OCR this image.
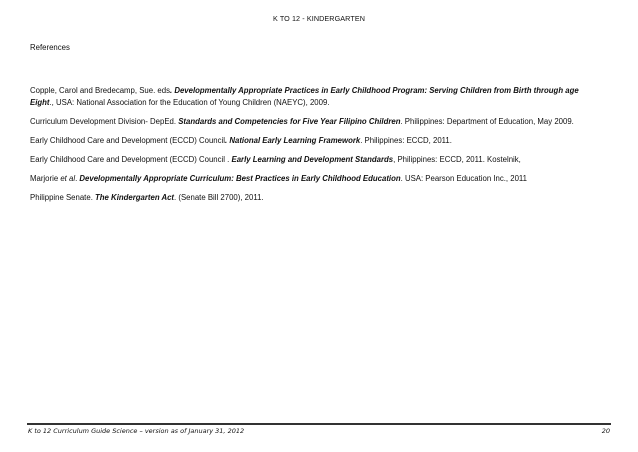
K TO 12 - KINDERGARTEN
References

Copple, Carol and Bredecamp, Sue. eds. Developmentally Appropriate Practices in Early Childhood Program: Serving Children from Birth through age Eight., USA: National Association for the Education of Young Children (NAEYC), 2009.

Curriculum Development Division- DepEd. Standards and Competencies for Five Year Filipino Children. Philippines: Department of Education, May 2009.

Early Childhood Care and Development (ECCD) Council. National Early Learning Framework. Philippines: ECCD, 2011.

Early Childhood Care and Development (ECCD) Council . Early Learning and Development Standards, Philippines: ECCD, 2011. Kostelnik,

Marjorie et al. Developmentally Appropriate Curriculum: Best Practices in Early Childhood Education. USA: Pearson Education Inc., 2011

Philippine Senate. The Kindergarten Act. (Senate Bill 2700), 2011.

K to 12 Curriculum Guide Science – version as of January 31, 2012	20
